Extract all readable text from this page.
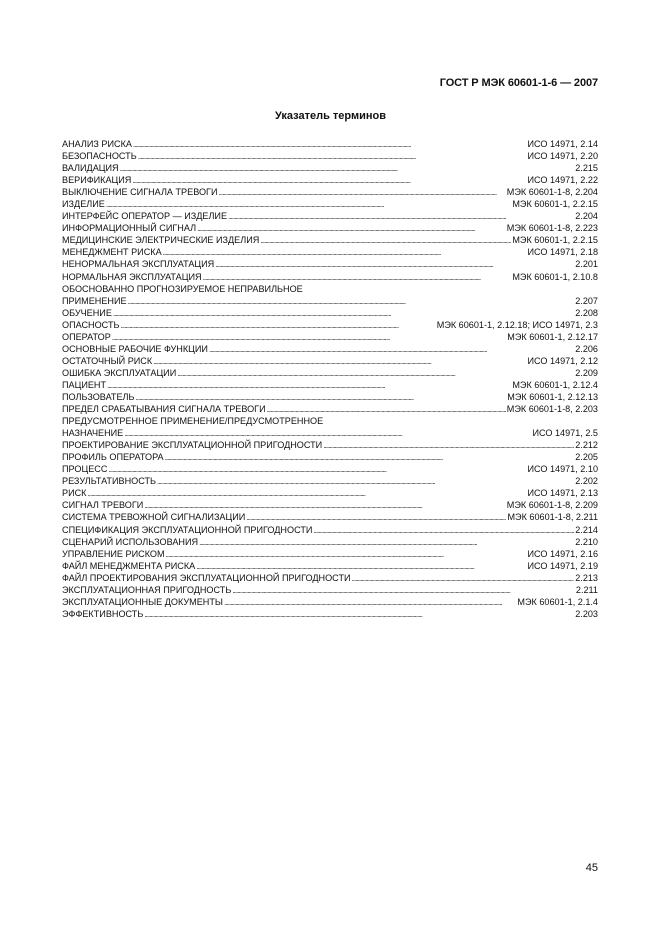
ГОСТ Р МЭК 60601-1-6 — 2007
Указатель терминов
АНАЛИЗ РИСКА . . .	ИСО 14971, 2.14
БЕЗОПАСНОСТЬ . . .	ИСО 14971, 2.20
ВАЛИДАЦИЯ . . .	2.215
ВЕРИФИКАЦИЯ . . .	ИСО 14971, 2.22
ВЫКЛЮЧЕНИЕ СИГНАЛА ТРЕВОГИ . . .	МЭК 60601-1-8, 2.204
ИЗДЕЛИЕ . . .	МЭК 60601-1, 2.2.15
ИНТЕРФЕЙС ОПЕРАТОР — ИЗДЕЛИЕ . . .	2.204
ИНФОРМАЦИОННЫЙ СИГНАЛ . . .	МЭК 60601-1-8, 2.223
МЕДИЦИНСКИЕ ЭЛЕКТРИЧЕСКИЕ ИЗДЕЛИЯ . . .	МЭК 60601-1, 2.2.15
МЕНЕДЖМЕНТ РИСКА . . .	ИСО 14971, 2.18
НЕНОРМАЛЬНАЯ ЭКСПЛУАТАЦИЯ . . .	2.201
НОРМАЛЬНАЯ ЭКСПЛУАТАЦИЯ . . .	МЭК 60601-1, 2.10.8
ОБОСНОВАННО ПРОГНОЗИРУЕМОЕ НЕПРАВИЛЬНОЕ
ПРИМЕНЕНИЕ . . .	2.207
ОБУЧЕНИЕ . . .	2.208
ОПАСНОСТЬ . . .	МЭК 60601-1, 2.12.18; ИСО 14971, 2.3
ОПЕРАТОР . . .	МЭК 60601-1, 2.12.17
ОСНОВНЫЕ РАБОЧИЕ ФУНКЦИИ . . .	2.206
ОСТАТОЧНЫЙ РИСК . . .	ИСО 14971, 2.12
ОШИБКА ЭКСПЛУАТАЦИИ . . .	2.209
ПАЦИЕНТ . . .	МЭК 60601-1, 2.12.4
ПОЛЬЗОВАТЕЛЬ . . .	МЭК 60601-1, 2.12.13
ПРЕДЕЛ СРАБАТЫВАНИЯ СИГНАЛА ТРЕВОГИ . . .	МЭК 60601-1-8, 2.203
ПРЕДУСМОТРЕННОЕ ПРИМЕНЕНИЕ/ПРЕДУСМОТРЕННОЕ
НАЗНАЧЕНИЕ . . .	ИСО 14971, 2.5
ПРОЕКТИРОВАНИЕ ЭКСПЛУАТАЦИОННОЙ ПРИГОДНОСТИ . . .	2.212
ПРОФИЛЬ ОПЕРАТОРА . . .	2.205
ПРОЦЕСС . . .	ИСО 14971, 2.10
РЕЗУЛЬТАТИВНОСТЬ . . .	2.202
РИСК . . .	ИСО 14971, 2.13
СИГНАЛ ТРЕВОГИ . . .	МЭК 60601-1-8, 2.209
СИСТЕМА ТРЕВОЖНОЙ СИГНАЛИЗАЦИИ . . .	МЭК 60601-1-8, 2.211
СПЕЦИФИКАЦИЯ ЭКСПЛУАТАЦИОННОЙ ПРИГОДНОСТИ . . .	2.214
СЦЕНАРИЙ ИСПОЛЬЗОВАНИЯ . . .	2.210
УПРАВЛЕНИЕ РИСКОМ . . .	ИСО 14971, 2.16
ФАЙЛ МЕНЕДЖМЕНТА РИСКА . . .	ИСО 14971, 2.19
ФАЙЛ ПРОЕКТИРОВАНИЯ ЭКСПЛУАТАЦИОННОЙ ПРИГОДНОСТИ . . .	2.213
ЭКСПЛУАТАЦИОННАЯ ПРИГОДНОСТЬ . . .	2.211
ЭКСПЛУАТАЦИОННЫЕ ДОКУМЕНТЫ . . .	МЭК 60601-1, 2.1.4
ЭФФЕКТИВНОСТЬ . . .	2.203
45
